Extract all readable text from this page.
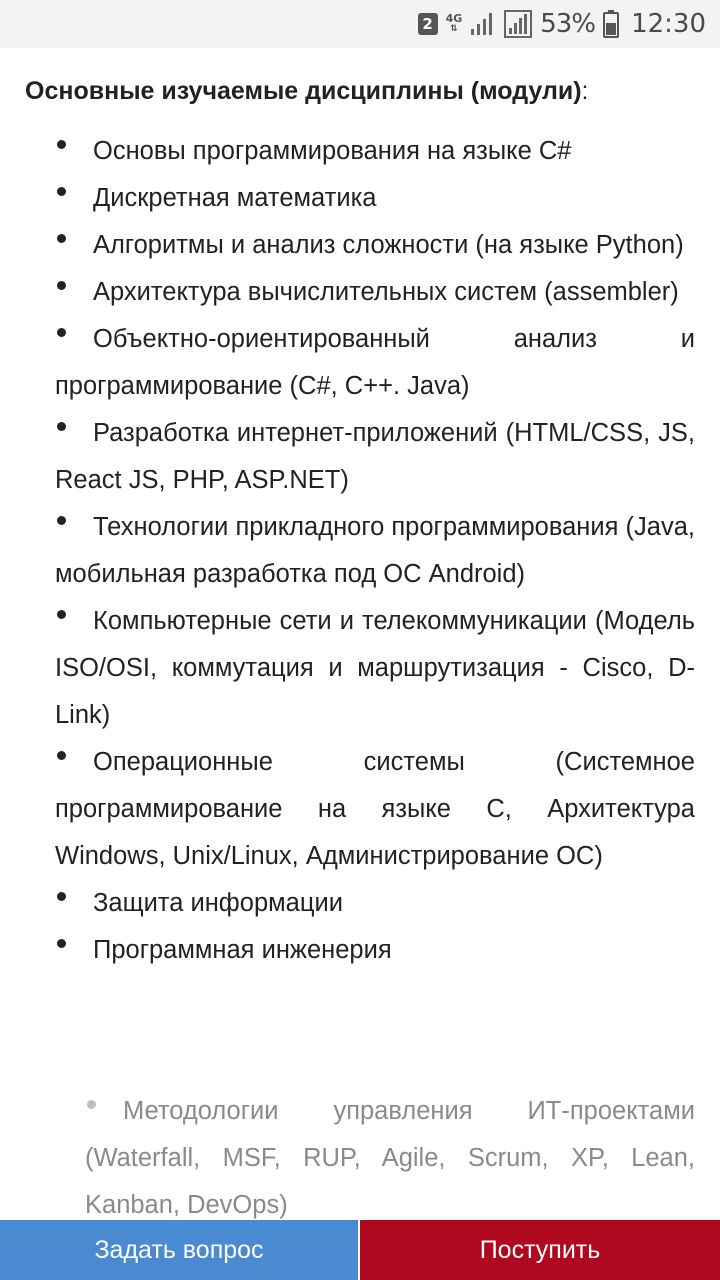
2	4G
⇅	53% 12:30
Основные изучаемые дисциплины (модули):
Основы программирования на языке C#
Дискретная математика
Алгоритмы и анализ сложности (на языке Python)
Архитектура вычислительных систем (assembler)
Объектно-ориентированный анализ и программирование (С#, C++. Java)
Разработка интернет-приложений (HTML/CSS, JS, React JS, PHP, ASP.NET)
Технологии прикладного программирования (Java, мобильная разработка под ОС Android)
Компьютерные сети и телекоммуникации (Модель ISO/OSI, коммутация и маршрутизация - Cisco, D-Link)
Операционные системы (Системное программирование на языке С, Архитектура Windows, Unix/Linux, Администрирование ОС)
Защита информации
Программная инженерия
Методологии управления ИТ-проектами (Waterfall, MSF, RUP, Agile, Scrum, XP, Lean, Kanban, DevOps)
Задать вопрос	Поступить
